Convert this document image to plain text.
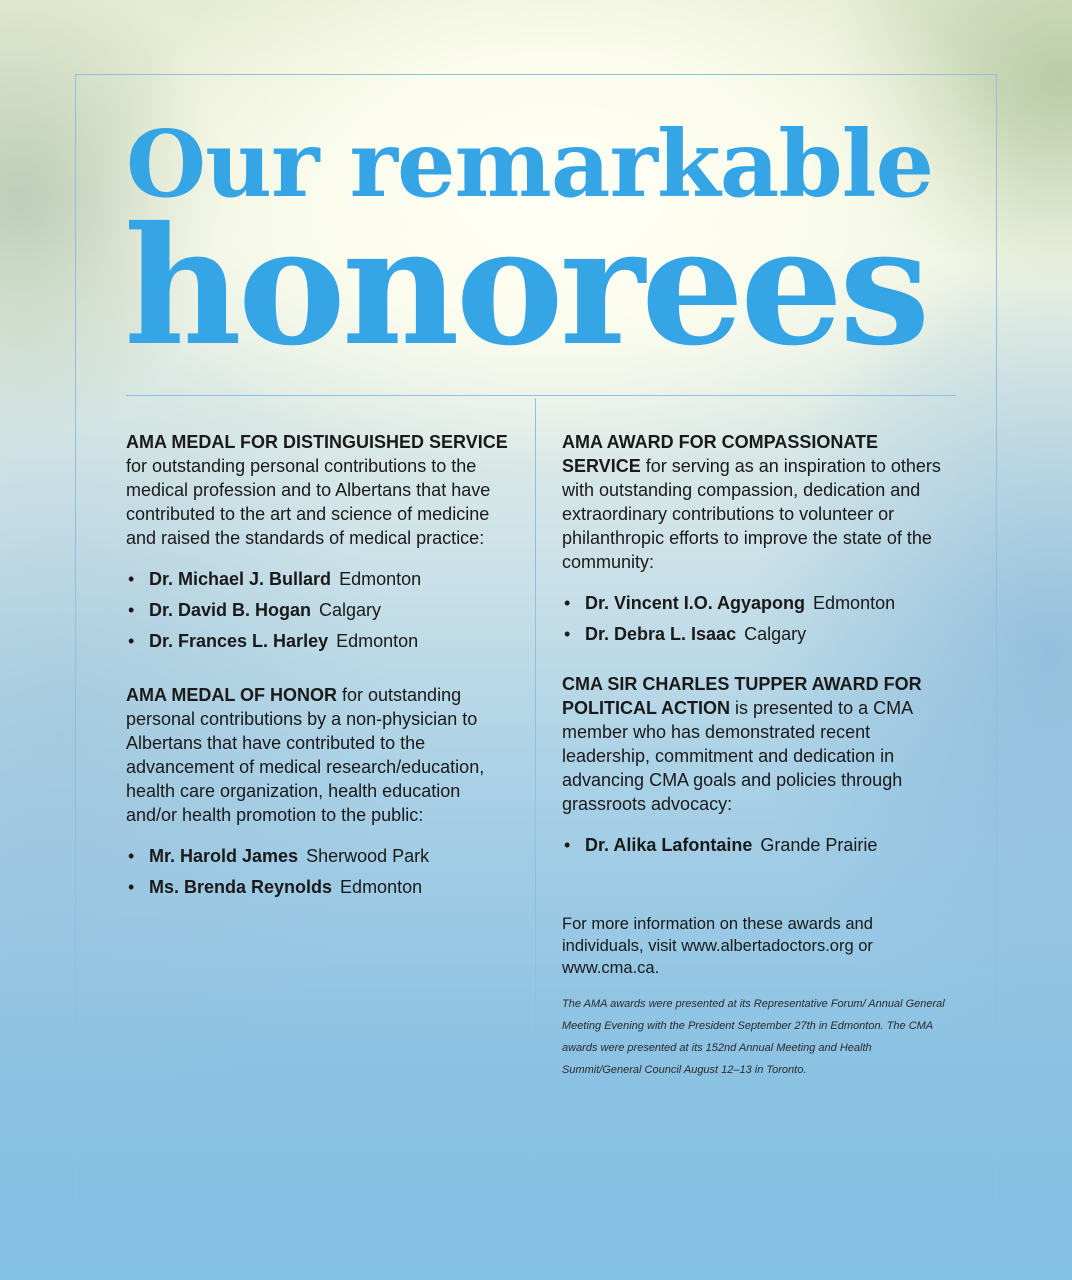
Our remarkable
honorees

AMA MEDAL FOR DISTINGUISHED SERVICE for outstanding personal contributions to the medical profession and to Albertans that have contributed to the art and science of medicine and raised the standards of medical practice:

• Dr. Michael J. Bullard Edmonton
• Dr. David B. Hogan Calgary
• Dr. Frances L. Harley Edmonton

AMA MEDAL OF HONOR for outstanding personal contributions by a non-physician to Albertans that have contributed to the advancement of medical research/education, health care organization, health education and/or health promotion to the public:

• Mr. Harold James Sherwood Park
• Ms. Brenda Reynolds Edmonton

AMA AWARD FOR COMPASSIONATE SERVICE for serving as an inspiration to others with outstanding compassion, dedication and extraordinary contributions to volunteer or philanthropic efforts to improve the state of the community:

• Dr. Vincent I.O. Agyapong Edmonton
• Dr. Debra L. Isaac Calgary

CMA SIR CHARLES TUPPER AWARD FOR POLITICAL ACTION is presented to a CMA member who has demonstrated recent leadership, commitment and dedication in advancing CMA goals and policies through grassroots advocacy:

• Dr. Alika Lafontaine Grande Prairie

For more information on these awards and individuals, visit www.albertadoctors.org or www.cma.ca.

The AMA awards were presented at its Representative Forum/ Annual General Meeting Evening with the President September 27th in Edmonton. The CMA awards were presented at its 152nd Annual Meeting and Health Summit/General Council August 12–13 in Toronto.
